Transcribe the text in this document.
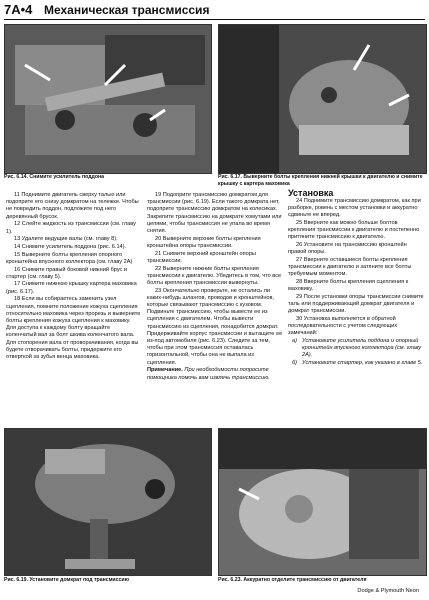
7A•4 Механическая трансмиссия
Рис. 6.14. Снимите усилитель поддона	Рис. 6.17. Выверните болты крепления нижней крышки к двигателю и снимите крышку с картера маховика

11 Поднимите двигатель сверху талью или подоприте его снизу домкратом на тележке. Чтобы не повредить поддон, подложите под него деревянный брусок.

12 Слейте жидкость из трансмиссии (см. главу 1).

13 Удалите ведущие валы (см. главу 8).

14 Снимите усилитель поддона (рис. 6.14).

15 Выверните болты крепления опорного кронштейна впускного коллектора (см. главу 2А)

16 Снимите правый боковой нижний брус и стартер (см. главу 5).

17 Снимите нижнюю крышку картера маховика (рис. 6.17).

18 Если вы собираетесь заменить узел сцепления, помните положение кожуха сцепления относительно маховика через прорезь и выверните болты крепления кожуха сцепления к маховику. Для доступа к каждому болту вращайте коленчатый вал за болт шкива коленчатого вала. Для стопорения вала от проворачивания, когда вы будете отворачивать болты, придержите его отверткой за зубья венца маховика.

19 Подоприте трансмиссию домкратом для трансмиссии (рис. 6.19). Если такого домкрата нет, подоприте трансмиссию домкратом на колесиках. Закрепите трансмиссию на домкрате хомутами или цепями, чтобы трансмиссия не упала во время снятия.

20 Выверните верхние болты крепления кронштейна опоры трансмиссии.

21 Снимите верхний кронштейн опоры трансмиссии.

22 Выверните нижние болты крепления трансмиссии к двигателю. Убедитесь в том, что все болты крепления трансмиссии вывернуты.

23 Окончательно проверьте, не остались ли каких-нибудь шлангов, проводов и кронштейнов, которые связывают трансмиссию с кузовом. Подвиньте трансмиссию, чтобы вывести ее из сцепления с двигателем. Чтобы вывести трансмиссию из сцепления, понадобится домкрат. Придерживайте корпус трансмиссии и вытащите ее из-под автомобиля (рис. 6.23). Следите за тем, чтобы при этом трансмиссия оставалась горизонтальной, чтобы она не выпала из сцепления.

Примечание. При необходимости попросите помощника помочь вам извлечь трансмиссию.

Установка

24 Поднимите трансмиссию домкратом, как при разборке, ровень с местом установки и аккуратно сдвиньте ее вперед.

25 Вверните как можно больше болтов крепления трансмиссии к двигателю и постепенно притяните трансмиссию к двигателю.

26 Установите на трансмиссию кронштейн правой опоры.

27 Вверните оставшиеся болты крепления трансмиссии к двигателю и затяните все болты требуемым моментом.

28 Вверните болты крепления сцепления к маховику.

29 После установки опоры трансмиссии снимите таль или поддерживающий домкрат двигателя и домкрат трансмиссии.

30 Установка выполняется в обратной последовательности с учетом следующих замечаний:

а) Установите усилитель поддона и опорный кронштейн впускного коллектора (см. главу 2А).

б) Установите стартер, как указано в главе 5.

Рис. 6.19. Установите домкрат под трансмиссию	Рис. 6.23. Аккуратно отделите трансмиссию от двигателя
Dodge & Plymouth Neon
